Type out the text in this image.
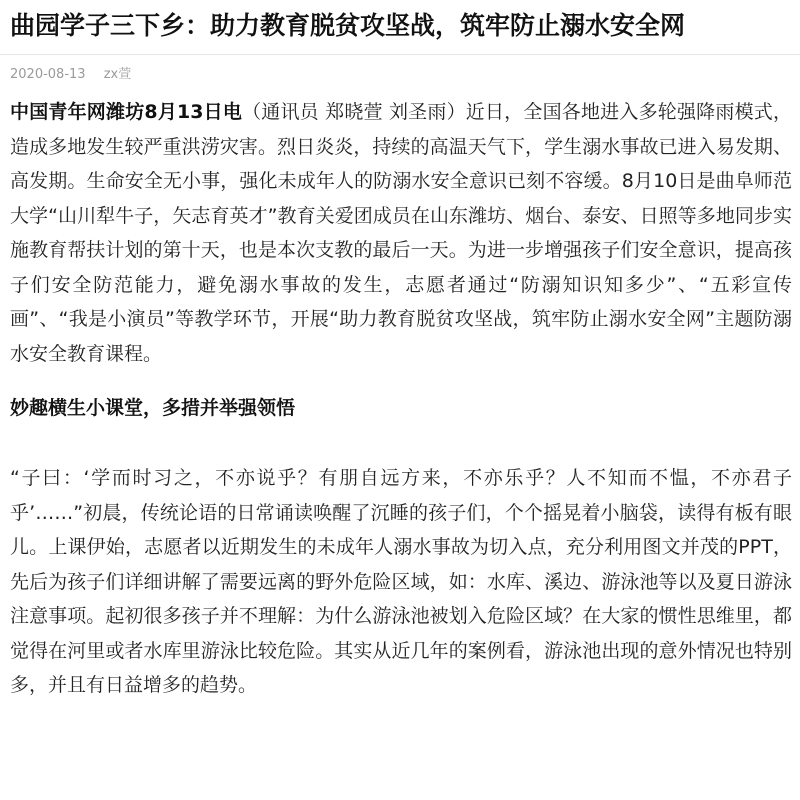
曲园学子三下乡：助力教育脱贫攻坚战，筑牢防止溺水安全网
2020-08-13 zx萱

中国青年网潍坊8月13日电（通讯员 郑晓萱 刘圣雨）近日，全国各地进入多轮强降雨模式，造成多地发生较严重洪涝灾害。烈日炎炎，持续的高温天气下，学生溺水事故已进入易发期、高发期。生命安全无小事，强化未成年人的防溺水安全意识已刻不容缓。8月10日是曲阜师范大学“山川犁牛子，矢志育英才”教育关爱团成员在山东潍坊、烟台、泰安、日照等多地同步实施教育帮扶计划的第十天，也是本次支教的最后一天。为进一步增强孩子们安全意识，提高孩子们安全防范能力，避免溺水事故的发生，志愿者通过“防溺知识知多少”、“五彩宣传画”、“我是小演员”等教学环节，开展“助力教育脱贫攻坚战，筑牢防止溺水安全网”主题防溺水安全教育课程。

妙趣横生小课堂，多措并举强领悟

“子曰：‘学而时习之，不亦说乎？有朋自远方来，不亦乐乎？人不知而不愠，不亦君子乎’……”初晨，传统论语的日常诵读唤醒了沉睡的孩子们，个个摇晃着小脑袋，读得有板有眼儿。上课伊始，志愿者以近期发生的未成年人溺水事故为切入点，充分利用图文并茂的PPT，先后为孩子们详细讲解了需要远离的野外危险区域，如：水库、溪边、游泳池等以及夏日游泳注意事项。起初很多孩子并不理解：为什么游泳池被划入危险区域？在大家的惯性思维里，都觉得在河里或者水库里游泳比较危险。其实从近几年的案例看，游泳池出现的意外情况也特别多，并且有日益增多的趋势。
